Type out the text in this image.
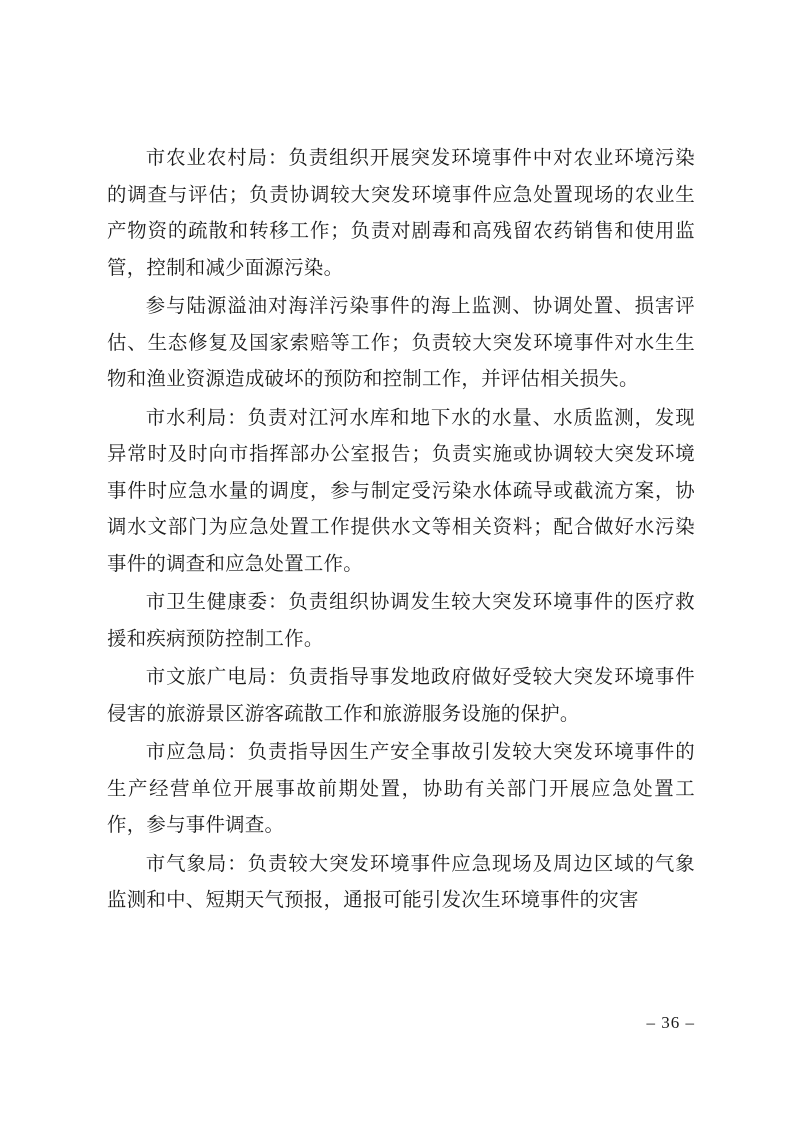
市农业农村局：负责组织开展突发环境事件中对农业环境污染的调查与评估；负责协调较大突发环境事件应急处置现场的农业生产物资的疏散和转移工作；负责对剧毒和高残留农药销售和使用监管，控制和减少面源污染。

参与陆源溢油对海洋污染事件的海上监测、协调处置、损害评估、生态修复及国家索赔等工作；负责较大突发环境事件对水生生物和渔业资源造成破坏的预防和控制工作，并评估相关损失。

市水利局：负责对江河水库和地下水的水量、水质监测，发现异常时及时向市指挥部办公室报告；负责实施或协调较大突发环境事件时应急水量的调度，参与制定受污染水体疏导或截流方案，协调水文部门为应急处置工作提供水文等相关资料；配合做好水污染事件的调查和应急处置工作。

市卫生健康委：负责组织协调发生较大突发环境事件的医疗救援和疾病预防控制工作。

市文旅广电局：负责指导事发地政府做好受较大突发环境事件侵害的旅游景区游客疏散工作和旅游服务设施的保护。

市应急局：负责指导因生产安全事故引发较大突发环境事件的生产经营单位开展事故前期处置，协助有关部门开展应急处置工作，参与事件调查。

市气象局：负责较大突发环境事件应急现场及周边区域的气象监测和中、短期天气预报，通报可能引发次生环境事件的灾害

– 36 –
